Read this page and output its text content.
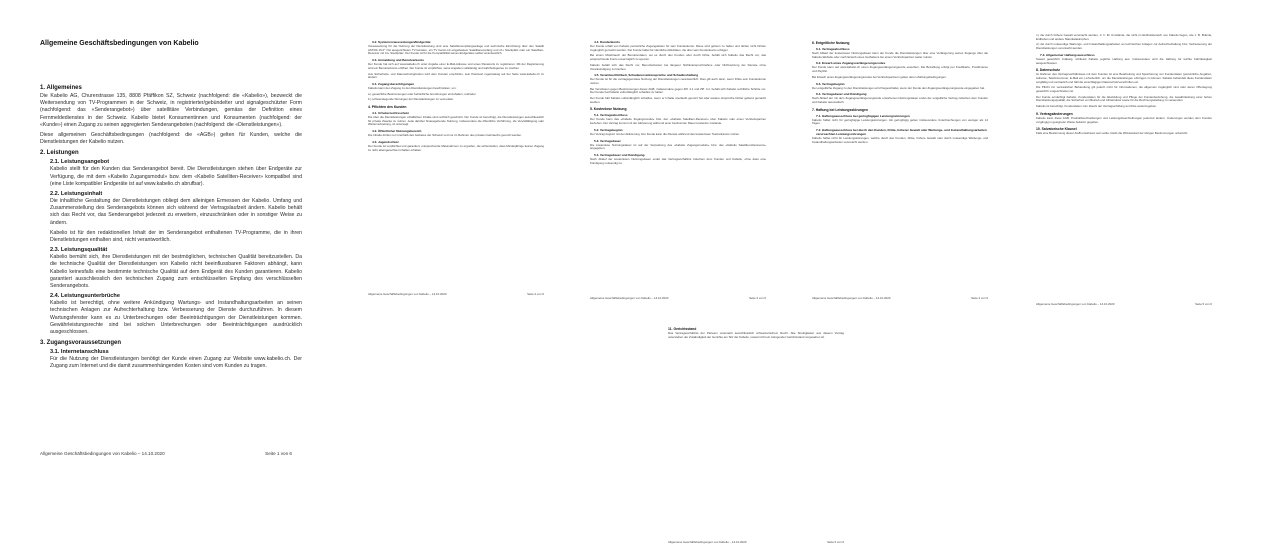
Allgemeine Geschäftsbedingungen von Kabelio
1. Allgemeines

Die Kabelio AG, Churerstrasse 135, 8808 Pfäffikon SZ, Schweiz (nachfolgend: die «Kabelio»), bezweckt die Weitersendung von TV-Programmen in der Schweiz, in registrierter/gebündelter und signalgeschützter Form (nachfolgend: das «Senderangebot») über satellitäre Verbindungen, gemäss der Definition eines Fernmeldedienstes in der Schweiz. Kabelio bietet Konsumentinnen und Konsumenten (nachfolgend: der «Kunde») einen Zugang zu seinen aggregierten Senderangeboten (nachfolgend: die «Dienstleistungen»).

Diese allgemeinen Geschäftsbedingungen (nachfolgend: die «AGB») gelten für Kunden, welche die Dienstleistungen der Kabelio nutzen.

2. Leistungen
2.1. Leistungsangebot

Kabelio stellt für den Kunden das Senderangebot bereit. Die Dienstleistungen stehen über Endgeräte zur Verfügung, die mit dem «Kabelio Zugangsmodul» bzw. dem «Kabelio Satelliten-Receiver» kompatibel sind (eine Liste kompatibler Endgeräte ist auf www.kabelio.ch abrufbar).

2.2. Leistungsinhalt

Die inhaltliche Gestaltung der Dienstleistungen obliegt dem alleinigen Ermessen der Kabelio. Umfang und Zusammenstellung des Senderangebots können sich während der Vertragslaufzeit ändern. Kabelio behält sich das Recht vor, das Senderangebot jederzeit zu erweitern, einzuschränken oder in sonstiger Weise zu ändern.

Kabelio ist für den redaktionellen Inhalt der im Senderangebot enthaltenen TV-Programme, die in ihren Dienstleistungen enthalten sind, nicht verantwortlich.

2.3. Leistungsqualität

Kabelio bemüht sich, ihre Dienstleistungen mit der bestmöglichen, technischen Qualität bereitzustellen. Da die technische Qualität der Dienstleistungen von Kabelio nicht beeinflussbaren Faktoren abhängt, kann Kabelio keinesfalls eine bestimmte technische Qualität auf dem Endgerät des Kunden garantieren. Kabelio garantiert ausschliesslich den technischen Zugang zum entschlüsselten Empfang des verschlüsselten Senderangebots.

2.4. Leistungsunterbrüche

Kabelio ist berechtigt, ohne weitere Ankündigung Wartungs- und Instandhaltungsarbeiten an seinen technischen Anlagen zur Aufrechterhaltung bzw. Verbesserung der Dienste durchzuführen. In diesem Wartungsfenster kann es zu Unterbrechungen oder Beeinträchtigungen der Dienstleistungen kommen. Gewährleistungsrechte sind bei solchen Unterbrechungen oder Beeinträchtigungen ausdrücklich ausgeschlossen.

3. Zugangsvoraussetzungen
3.1. Internetanschluss

Für die Nutzung der Dienstleistungen benötigt der Kunde einen Zugang zur Website www.kabelio.ch. Der Zugang zum Internet und die damit zusammenhängenden Kosten sind vom Kunden zu tragen.

Allgemeine Geschäftsbedingungen von Kabelio – 14.10.2020	Seite 1 von 6
3.2. Systemvoraussetzungen/Endgeräte

Voraussetzung für die Nutzung der Dienstleistung sind eine Satellitenempfangsanlage und technische Einrichtung über den Satellit ASTRA 19.2° Ost ausgerichteten TV-Geräten, ein TV Gerät mit eingebautem Satellitenempfang und CI+ Steckplatz oder ein Satelliten-Receiver mit CI+ Steckplatz. Der Kunde ist für die Kompatibilität seines Endgerätes selbst verantwortlich.

3.3. Anmeldung und Benutzerkonto

Der Kunde hat sich auf www.kabelio.ch unter Angabe einer E-Mail-Adresse und eines Passworts zu registrieren. Mit der Registrierung wird ein Benutzerkonto eröffnet. Der Kunde ist verpflichtet, seine Angaben vollständig und wahrheitsgetreu zu machen.

Aus Sicherheits- und Datenschutzgründen wird dem Kunden empfohlen, sein Passwort regelmässig auf der Seite www.kabelio.ch zu ändern.

3.4. Zugangsberechtigungen

Kabelio kann den Zugang zu den Dienstleistungen beschränken, um:

a.) gesetzliche Bestimmungen oder behördliche Anordnungen einzuhalten; und/oder

b.) schwerwiegende Störungen der Dienstleistungen zu vermeiden.

4. Pflichten des Kunden
4.1. Urheberrechtsschutz

Die über die Dienstleistungen erhältlichen Inhalte sind rechtlich geschützt. Der Kunde ist berechtigt, die Dienstleistungen ausschliesslich für private Zwecke zu nutzen. Jede darüber hinausgehende Nutzung, insbesondere die öffentliche Vorführung, die Vervielfältigung oder Weiterverbreitung, ist untersagt.

4.2. Öffentlicher Nutzungsbereich

Die Inhalte dürfen nur innerhalb des Gebietes der Schweiz und nur im Rahmen des privaten Gebrauchs genutzt werden.

4.3. Jugendschutz

Der Kunde ist verpflichtet und garantiert, entsprechende Massnahmen zu ergreifen, die sicherstellen, dass Minderjährige keinen Zugang zu nicht altersgerechten Inhalten erhalten.

Allgemeine Geschäftsbedingungen von Kabelio – 14.10.2020	Seite 2 von 6
4.4. Kundenkonto

Der Kunde erhält von Kabelio persönliche Zugangsdaten für sein Kundenkonto. Diese sind geheim zu halten und dürfen nicht Dritten zugänglich gemacht werden. Der Kunde haftet für sämtliche Aktivitäten, die über sein Kundenkonto erfolgen.

Bei einem Missbrauch der Benutzerdaten, sei es durch den Kunden oder durch Dritte, behält sich Kabelio das Recht vor, das entsprechende Konto unverzüglich zu sperren.

Kabelio behält sich das Recht vor, Benutzerkonten bei längerer Nichtinanspruchnahme oder Nichtnutzung der Dienste ohne Vorankündigung zu löschen.

4.5. Verantwortlichkeit, Schadenersatzansprüche und Schadloshaltung

Der Kunde ist für die vertragsgemässe Nutzung der Dienstleistungen verantwortlich. Dies gilt auch dann, wenn Dritte sein Kundenkonto nutzen.

Bei Verstössen gegen Bestimmungen dieser AGB, insbesondere gegen Ziff. 4.1 und Ziff. 4.2, behält sich Kabelio rechtliche Schritte vor. Der Kunde hat Kabelio vollumfänglich schadlos zu halten.

Der Kunde hält Kabelio vollumfänglich schadlos, wenn er Inhalte unerlaubt genutzt hat oder weitere Ansprüche Dritter geltend gemacht werden.

5. Kostenlose Nutzung
5.1. Vertragsabschluss

Der Kunde kann das «Kabelio Zugangsmodul» bzw. den «Kabelio Satelliten-Receiver» über Kabelio oder einen Vertriebspartner beziehen. Der Vertrag kommt mit der Aktivierung während einer bestimmten Dauer kostenlos zustande.

5.2. Vertragsbeginn

Der Vertrag beginnt mit der Aktivierung. Der Kunde kann die Dienste während des kostenlosen Testzeitraums nutzen.

5.3. Vertragsdauer

Die kostenlose Nutzungsdauer ist auf der Verpackung des «Kabelio Zugangsmoduls» bzw. des «Kabelio Satelliten-Receivers» angegeben.

5.4. Vertragsdauer und Kündigung

Nach Ablauf der kostenlosen Nutzungsdauer endet das Vertragsverhältnis zwischen dem Kunden und Kabelio, ohne dass eine Kündigung notwendig ist.

Allgemeine Geschäftsbedingungen von Kabelio – 14.10.2020	Seite 3 von 6
6. Entgeltliche Nutzung
6.1. Vertragsabschluss

Nach Ablauf der kostenlosen Nutzungsdauer kann der Kunde die Dienstleistungen über eine Verlängerung seines Zugangs über die Kabelio-Website oder nach Erwerb eines Guthabens bei einem Vertriebspartner weiter nutzen.

6.2. Erwerb eines Zugangsverlängerungscodes

Der Kunde kann auf www.kabelio.ch einen Zugangsverlängerungscode erwerben. Die Bezahlung erfolgt per Kreditkarte, PostFinance und PayPal.

Bei Erwerb eines Zugangsverlängerungscodes bei Vertriebspartnern gelten deren Zahlungsbedingungen.

6.3. Vertragsbeginn

Der entgeltliche Zugang zu den Dienstleistungen wird freigeschaltet, wenn der Kunde den Zugangsverlängerungscode eingegeben hat.

6.4. Vertragsdauer und Kündigung

Nach Ablauf der mit dem Zugangsverlängerungscode erworbenen Nutzungsdauer endet der entgeltliche Vertrag zwischen dem Kunden und Kabelio automatisch.

7. Haftung bei Leistungsstörungen
7.1. Haftungsausschluss bei geringfügigen Leistungsstörungen

Kabelio haftet nicht für geringfügige Leistungsstörungen. Als geringfügig gelten insbesondere Unterbrechungen von weniger als 14 Tagen.

7.2. Haftungsausschluss bei durch den Kunden, Dritte, höherer Gewalt oder Wartungs- und Instandhaltungsarbeiten verursachten Leistungsstörungen

Kabelio haftet nicht für Leistungsstörungen, welche durch den Kunden, Dritte, höhere Gewalt oder durch notwendige Wartungs- und Instandhaltungsarbeiten verursacht werden.

Allgemeine Geschäftsbedingungen von Kabelio – 14.10.2020	Seite 4 von 6

c.) die durch höhere Gewalt verursacht werden, d. h. für Umstände, die nicht im Einflussbereich von Kabelio liegen, wie z. B. Brände, Erdbeben und andere Naturkatastrophen.

d.) die durch notwendige Wartungs- und Instandhaltungsarbeiten an technischen Anlagen zur Aufrechterhaltung bzw. Verbesserung der Dienstleistungen verursacht werden.

7.3. Allgemeiner Haftungsausschluss

Soweit gesetzlich zulässig, schliesst Kabelio jegliche Haftung aus. Insbesondere wird die Haftung für leichte Fahrlässigkeit ausgeschlossen.

8. Datenschutz

Im Rahmen des Vertragsverhältnisses mit dem Kunden ist eine Bearbeitung und Speicherung von Kundendaten (persönliche Angaben, Adresse, Telefonnummer, E-Mail etc.) erforderlich, um die Dienstleistungen erbringen zu können. Kabelio behandelt diese Kundendaten sorgfältig und vertraulich und hält die einschlägigen Datenschutzvorschriften ein.

Die Pflicht zur vertraulichen Behandlung gilt jedoch nicht für Informationen, die allgemein zugänglich sind oder deren Offenlegung gesetzlich vorgeschrieben ist.

Der Kunde ermächtigt Kabelio, Kundendaten für die Abwicklung und Pflege der Kundenbeziehung, die Gewährleistung einer hohen Dienstleistungsqualität, die Sicherheit von Betrieb und Infrastruktur sowie für die Rechnungsstellung zu verwenden.

Kabelio ist berechtigt, Kundendaten zum Zweck der Vertragserfüllung an Dritte weiterzugeben.

9. Vertragsänderungen

Kabelio kann diese AGB, Produktbeschreibungen und Leistungsbeschreibungen jederzeit ändern. Änderungen werden dem Kunden vorgängig in geeigneter Weise bekannt gegeben.

10. Salvatorische Klausel

Falls eine Bestimmung dieser AGB unwirksam sein sollte, bleibt die Wirksamkeit der übrigen Bestimmungen unberührt.

Allgemeine Geschäftsbedingungen von Kabelio – 14.10.2020	Seite 5 von 6
11. Gerichtsstand

Das Vertragsverhältnis der Parteien untersteht ausschliesslich schweizerischem Recht. Alle Streitigkeiten aus diesem Vertrag unterstehen der Zuständigkeit der Gerichte am Sitz der Kabelio, soweit nicht ein zwingender Gerichtsstand vorgesehen ist.

Allgemeine Geschäftsbedingungen von Kabelio – 14.10.2020	Seite 6 von 6
